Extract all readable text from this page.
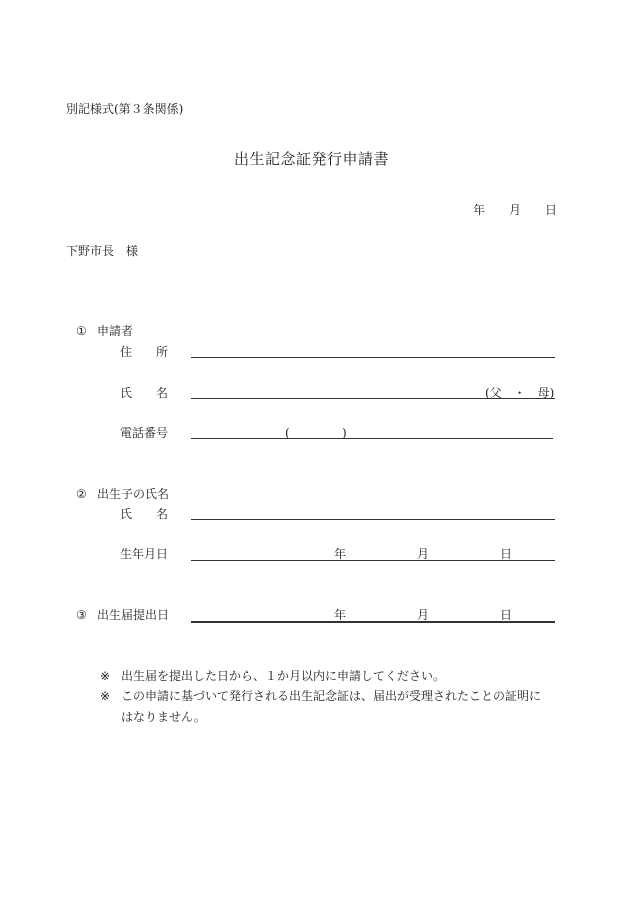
別記様式(第３条関係)
出生記念証発行申請書
年 月 日
下野市長　様
① 申請者
住 所
氏 名	(父　・　母)
電話番号	(	)
② 出生子の氏名
氏 名
生年月日	年	月	日
③ 出生届提出日	年	月	日
※ 出生届を提出した日から、１か月以内に申請してください。
※ この申請に基づいて発行される出生記念証は、届出が受理されたことの証明に
はなりません。
